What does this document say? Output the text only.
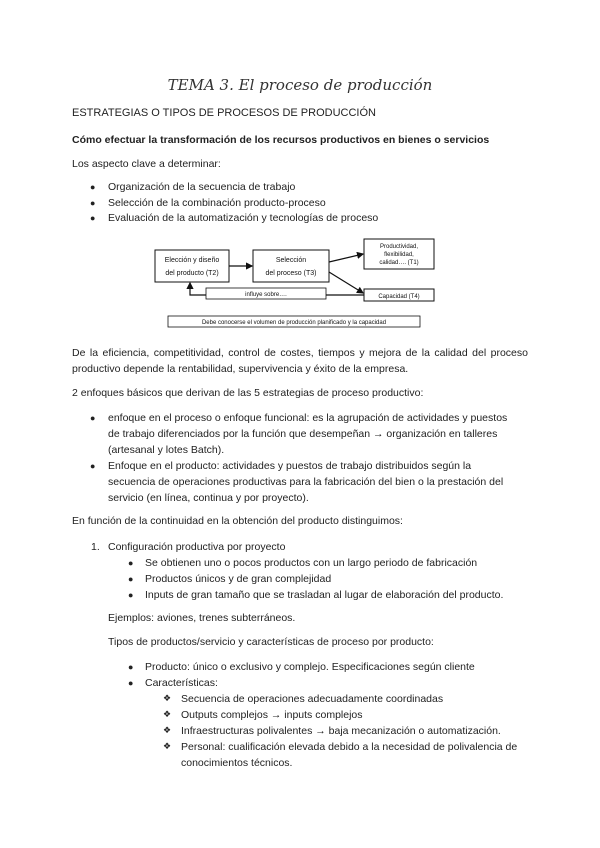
TEMA 3. El proceso de producción
ESTRATEGIAS O TIPOS DE PROCESOS DE PRODUCCIÓN
Cómo efectuar la transformación de los recursos productivos en bienes o servicios
Los aspecto clave a determinar:
● Organización de la secuencia de trabajo
● Selección de la combinación producto-proceso
● Evaluación de la automatización y tecnologías de proceso
Elección y diseño
del producto (T2)
Selección
del proceso (T3)
Productividad,
flexibilidad,
calidad…. (T1)
Capacidad (T4)
influye sobre….
Debe conocerse el volumen de producción planificado y la capacidad
De la eficiencia, competitividad, control de costes, tiempos y mejora de la calidad del proceso productivo depende la rentabilidad, supervivencia y éxito de la empresa.
2 enfoques básicos que derivan de las 5 estrategias de proceso productivo:
● enfoque en el proceso o enfoque funcional: es la agrupación de actividades y puestos
de trabajo diferenciados por la función que desempeñan → organización en talleres
(artesanal y lotes Batch).
● Enfoque en el producto: actividades y puestos de trabajo distribuidos según la
secuencia de operaciones productivas para la fabricación del bien o la prestación del
servicio (en línea, continua y por proyecto).
En función de la continuidad en la obtención del producto distinguimos:
1. Configuración productiva por proyecto
● Se obtienen uno o pocos productos con un largo periodo de fabricación
● Productos únicos y de gran complejidad
● Inputs de gran tamaño que se trasladan al lugar de elaboración del producto.
Ejemplos: aviones, trenes subterráneos.
Tipos de productos/servicio y características de proceso por producto:
● Producto: único o exclusivo y complejo. Especificaciones según cliente
● Características:
❖ Secuencia de operaciones adecuadamente coordinadas
❖ Outputs complejos → inputs complejos
❖ Infraestructuras polivalentes → baja mecanización o automatización.
❖ Personal: cualificación elevada debido a la necesidad de polivalencia de
conocimientos técnicos.
